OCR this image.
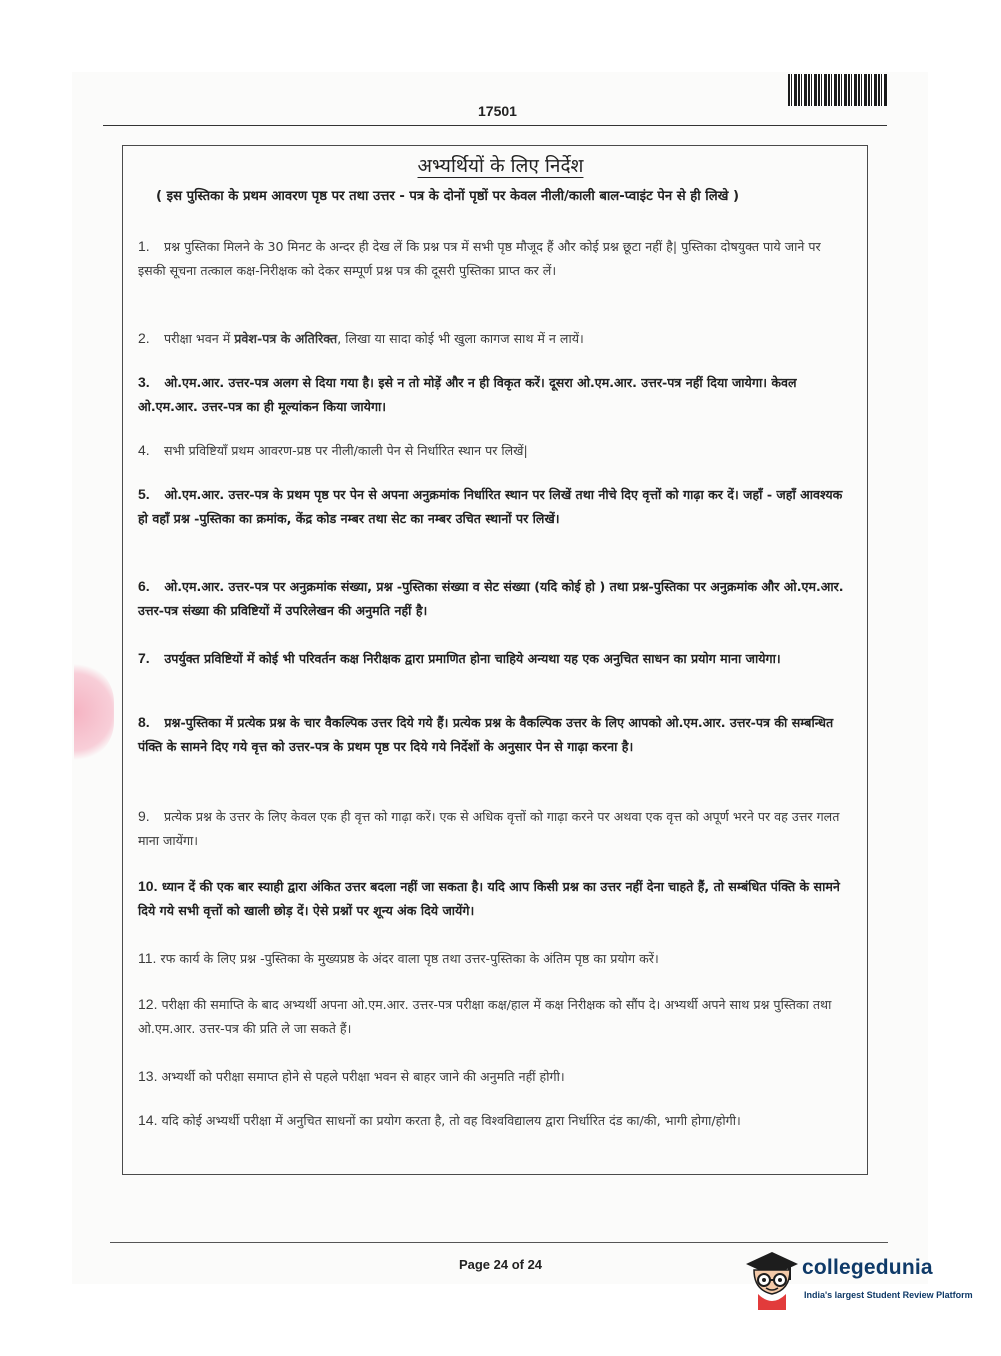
17501
अभ्यर्थियों के लिए निर्देश
( इस पुस्तिका के प्रथम आवरण पृष्ठ पर तथा उत्तर - पत्र के दोनों पृष्ठों पर केवल नीली/काली बाल-प्वाइंट पेन से ही लिखे )
1. प्रश्न पुस्तिका मिलने के 30 मिनट के अन्दर ही देख लें कि प्रश्न पत्र में सभी पृष्ठ मौजूद हैं और कोई प्रश्न छूटा नहीं है| पुस्तिका दोषयुक्त पाये जाने पर इसकी सूचना तत्काल कक्ष-निरीक्षक को देकर सम्पूर्ण प्रश्न पत्र की दूसरी पुस्तिका प्राप्त कर लें।
2. परीक्षा भवन में प्रवेश-पत्र के अतिरिक्त, लिखा या सादा कोई भी खुला कागज साथ में न लायें।
3. ओ.एम.आर. उत्तर-पत्र अलग से दिया गया है। इसे न तो मोड़ें और न ही विकृत करें। दूसरा ओ.एम.आर. उत्तर-पत्र नहीं दिया जायेगा। केवल ओ.एम.आर. उत्तर-पत्र का ही मूल्यांकन किया जायेगा।
4. सभी प्रविष्टियाँ प्रथम आवरण-प्रष्ठ पर नीली/काली पेन से निर्धारित स्थान पर लिखें|
5. ओ.एम.आर. उत्तर-पत्र के प्रथम पृष्ठ पर पेन से अपना अनुक्रमांक निर्धारित स्थान पर लिखें तथा नीचे दिए वृत्तों को गाढ़ा कर दें। जहाँ - जहाँ आवश्यक हो वहाँ प्रश्न -पुस्तिका का क्रमांक, केंद्र कोड नम्बर तथा सेट का नम्बर उचित स्थानों पर लिखें।
6. ओ.एम.आर. उत्तर-पत्र पर अनुक्रमांक संख्या, प्रश्न -पुस्तिका संख्या व सेट संख्या (यदि कोई हो ) तथा प्रश्न-पुस्तिका पर अनुक्रमांक और ओ.एम.आर. उत्तर-पत्र संख्या की प्रविष्टियों में उपरिलेखन की अनुमति नहीं है।
7. उपर्युक्त प्रविष्टियों में कोई भी परिवर्तन कक्ष निरीक्षक द्वारा प्रमाणित होना चाहिये अन्यथा यह एक अनुचित साधन का प्रयोग माना जायेगा।
8. प्रश्न-पुस्तिका में प्रत्येक प्रश्न के चार वैकल्पिक उत्तर दिये गये हैं। प्रत्येक प्रश्न के वैकल्पिक उत्तर के लिए आपको ओ.एम.आर. उत्तर-पत्र की सम्बन्धित पंक्ति के सामने दिए गये वृत्त को उत्तर-पत्र के प्रथम पृष्ठ पर दिये गये निर्देशों के अनुसार पेन से गाढ़ा करना है।
9. प्रत्येक प्रश्न के उत्तर के लिए केवल एक ही वृत्त को गाढ़ा करें। एक से अधिक वृत्तों को गाढ़ा करने पर अथवा एक वृत्त को अपूर्ण भरने पर वह उत्तर गलत माना जायेंगा।
10. ध्यान दें की एक बार स्याही द्वारा अंकित उत्तर बदला नहीं जा सकता है। यदि आप किसी प्रश्न का उत्तर नहीं देना चाहते हैं, तो सम्बंधित पंक्ति के सामने दिये गये सभी वृत्तों को खाली छोड़ दें। ऐसे प्रश्नों पर शून्य अंक दिये जायेंगे।
11. रफ कार्य के लिए प्रश्न -पुस्तिका के मुख्यप्रष्ठ के अंदर वाला पृष्ठ तथा उत्तर-पुस्तिका के अंतिम पृष्ठ का प्रयोग करें।
12. परीक्षा की समाप्ति के बाद अभ्यर्थी अपना ओ.एम.आर. उत्तर-पत्र परीक्षा कक्ष/हाल में कक्ष निरीक्षक को सौंप दे। अभ्यर्थी अपने साथ प्रश्न पुस्तिका तथा ओ.एम.आर. उत्तर-पत्र की प्रति ले जा सकते हैं।
13. अभ्यर्थी को परीक्षा समाप्त होने से पहले परीक्षा भवन से बाहर जाने की अनुमति नहीं होगी।
14. यदि कोई अभ्यर्थी परीक्षा में अनुचित साधनों का प्रयोग करता है, तो वह विश्वविद्यालय द्वारा निर्धारित दंड का/की, भागी होगा/होगी।
Page 24 of 24	collegedunia
India's largest Student Review Platform
